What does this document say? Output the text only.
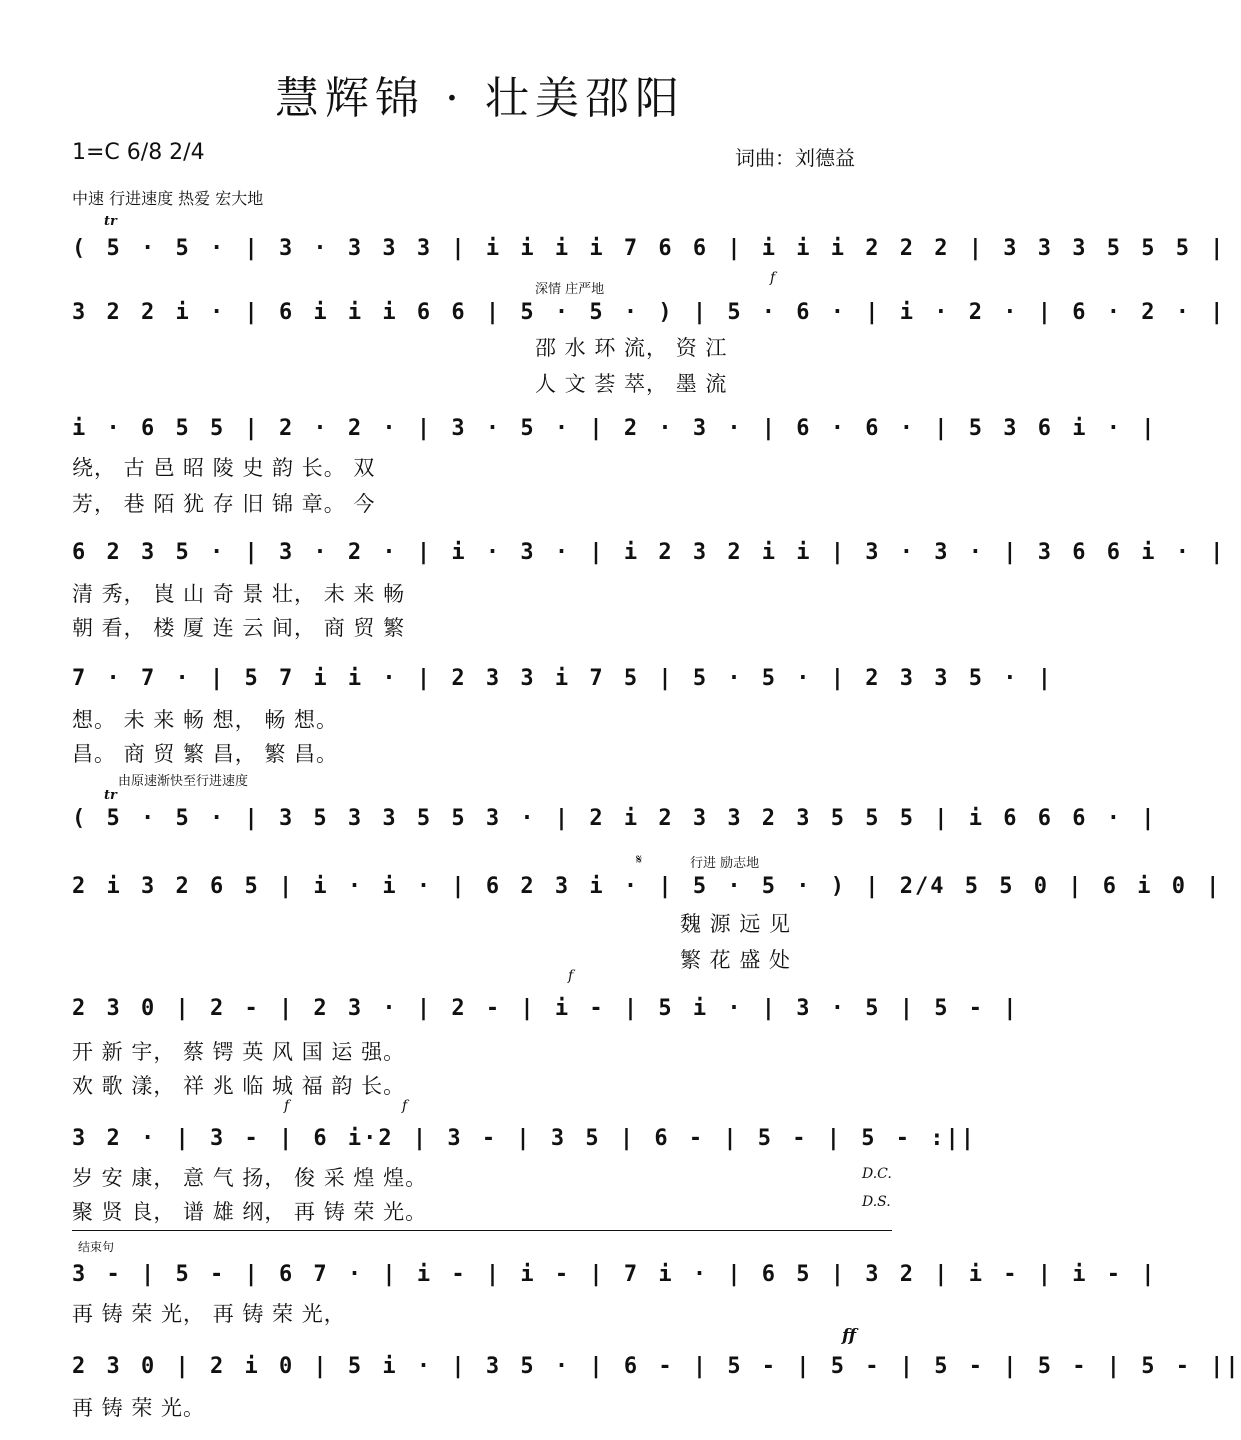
慧辉锦 · 壮美邵阳
1=C 6/8 2/4	词曲：刘德益
中速 行进速度 热爱 宏大地
tr
( 5 · 5 · | 3 · 3 3 3 | i i i i 7 6 6 | i i i 2 2 2 | 3 3 3 5 5 5 |
深情 庄严地
f
3 2 2 i · | 6 i i i 6 6 | 5 · 5 · ) | 5 · 6 · | i · 2 · | 6 · 2 · |
邵 水 环 流， 资 江
人 文 荟 萃， 墨 流
i · 6 5 5 | 2 · 2 · | 3 · 5 · | 2 · 3 · | 6 · 6 · | 5 3 6 i · |
绕， 古 邑 昭 陵 史 韵 长。 双
芳， 巷 陌 犹 存 旧 锦 章。 今
6 2 3 5 · | 3 · 2 · | i · 3 · | i 2 3 2 i i | 3 · 3 · | 3 6 6 i · |
清 秀， 崀 山 奇 景 壮， 未 来 畅
朝 看， 楼 厦 连 云 间， 商 贸 繁
7 · 7 · | 5 7 i i · | 2 3 3 i 7 5 | 5 · 5 · | 2 3 3 5 · |
想。 未 来 畅 想， 畅 想。
昌。 商 贸 繁 昌， 繁 昌。
由原速渐快至行进速度
tr
( 5 · 5 · | 3 5 3 3 5 5 3 · | 2 i 2 3 3 2 3 5 5 5 | i 6 6 6 · |
𝄋	行进 励志地
2 i 3 2 6 5 | i · i · | 6 2 3 i · | 5 · 5 · ) | 2/4 5 5 0 | 6 i 0 |
魏 源 远 见
繁 花 盛 处
f
2 3 0 | 2 - | 2 3 · | 2 - | i - | 5 i · | 3 · 5 | 5 - |
开 新 宇， 蔡 锷 英 风 国 运 强。
欢 歌 漾， 祥 兆 临 城 福 韵 长。
f	f
3 2 · | 3 - | 6 i·2 | 3 - | 3 5 | 6 - | 5 - | 5 - :||
D.C.
D.S.
岁 安 康， 意 气 扬， 俊 采 煌 煌。
聚 贤 良， 谱 雄 纲， 再 铸 荣 光。
结束句
3 - | 5 - | 6 7 · | i - | i - | 7 i · | 6 5 | 3 2 | i - | i - |
再 铸 荣 光， 再 铸 荣 光，
ff
2 3 0 | 2 i 0 | 5 i · | 3 5 · | 6 - | 5 - | 5 - | 5 - | 5 - | 5 - ||
再 铸 荣 光。
